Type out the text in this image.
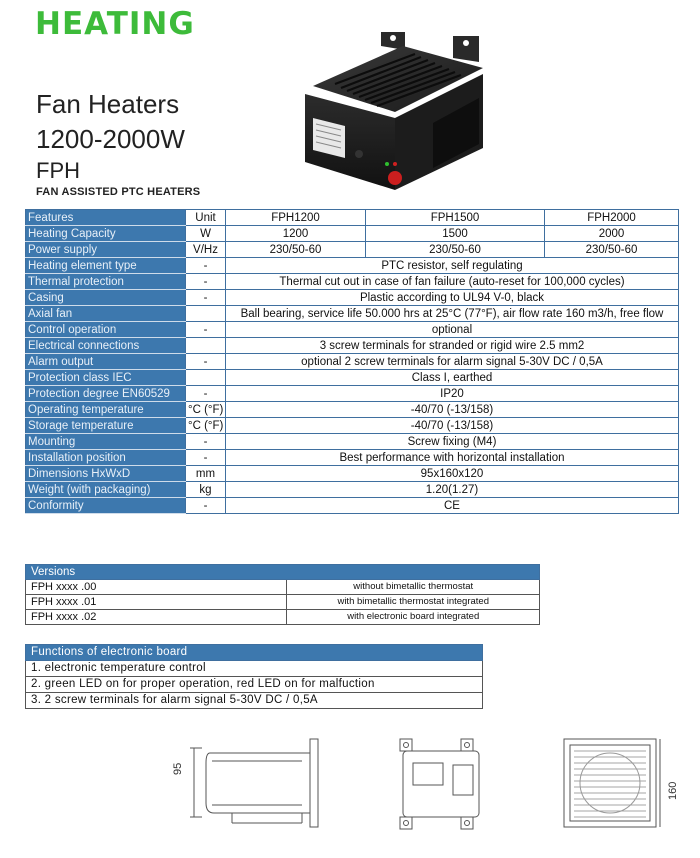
HEATING
Fan Heaters
1200-2000W
FPH
FAN ASSISTED PTC HEATERS
Features	Unit	FPH1200	FPH1500	FPH2000
Heating Capacity	W	1200	1500	2000
Power supply	V/Hz	230/50-60	230/50-60	230/50-60
Heating element type	-	PTC resistor, self regulating		
Thermal protection	-	Thermal cut out in case of fan failure (auto-reset for 100,000 cycles)		
Casing	-	Plastic according to UL94 V-0, black		
Axial fan		Ball bearing, service life 50.000 hrs at 25°C (77°F), air flow rate 160 m3/h, free flow		
Control operation	-	optional		
Electrical connections		3 screw terminals for stranded or rigid wire 2.5 mm2		
Alarm output	-	optional 2 screw terminals for alarm signal 5-30V DC / 0,5A		
Protection class IEC		Class I, earthed		
Protection degree EN60529	-	IP20		
Operating temperature	°C (°F)	-40/70 (-13/158)		
Storage temperature	°C (°F)	-40/70 (-13/158)		
Mounting	-	Screw fixing (M4)		
Installation position	-	Best performance with horizontal installation		
Dimensions HxWxD	mm	95x160x120		
Weight (with packaging)	kg	1.20(1.27)		
Conformity	-	CE		
Versions	
FPH xxxx .00	without bimetallic thermostat
FPH xxxx .01	with bimetallic thermostat integrated
FPH xxxx .02	with electronic board integrated
Functions of electronic board
1. electronic temperature control
2. green LED on for proper operation, red LED on for malfuction
3. 2 screw terminals for alarm signal 5-30V DC / 0,5A
95
160
